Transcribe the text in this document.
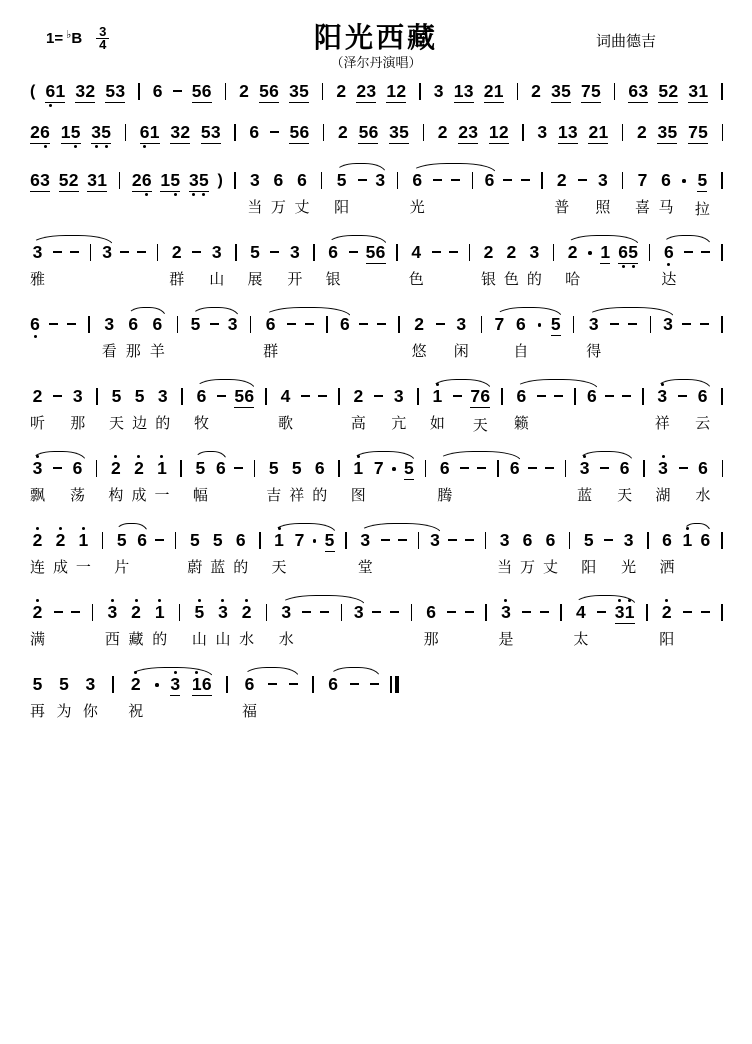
1= ♭ B $\frac{3}{4}$	阳光西藏
（泽尔丹演唱）
词曲德吉
( 6 1 3 2 5 3 6 5 6 2 5 6 3 5 2 2 3 1 2 3 1 3 2 1 2 3 5 7 5 6 3 5 2 3 1
2 6 1 5 3 5 6 1 3 2 5 3 6 5 6 2 5 6 3 5 2 2 3 1 2 3 1 3 2 1 2 3 5 7 5
6 3
5 2
3 1

2 6
1 5
3 5
)

3
当
6
万
6
丈

5
阳

3

6
光

6

	2
普

3
照

7
喜
6
马

5
拉

3
雅

3

	2
群

3
山

5
展

3
开

6
银

5 6

4
色

2
银
2
色
3
的

2
哈

1
6 5

6
达

6

	3
看
6
那
6
羊

5

3

6
群

6

	2
悠

3
闲

7
6
自

5

3
得

3

2
听

3
那

5
天
5
边
3
的

6
牧

5 6

4
歌

2
高

3
亢

1
如

7 6
天

6
籁

6

	3
祥

6
云

3
飘

6
荡

2
构
2
成
1
一

5
幅
6

5
吉
5
祥
6
的

1
图
7

5

6
腾

6

	3
蓝

6
天

3
湖

6
水

2
连
2
成
1
一

5
片
6

5
蔚
5
蓝
6
的

1
天
7

5

3
堂

3

	3
当
6
万
6
丈

5
阳

3
光

6
洒
1
6

2
满

3
西
2
藏
1
的

5
山
3
山
2
水

3
水

3

	6
那

3
是

4
太

3 1

2
阳

5
再
5
为
3
你

2
祝

3
1 6

6
福

6
